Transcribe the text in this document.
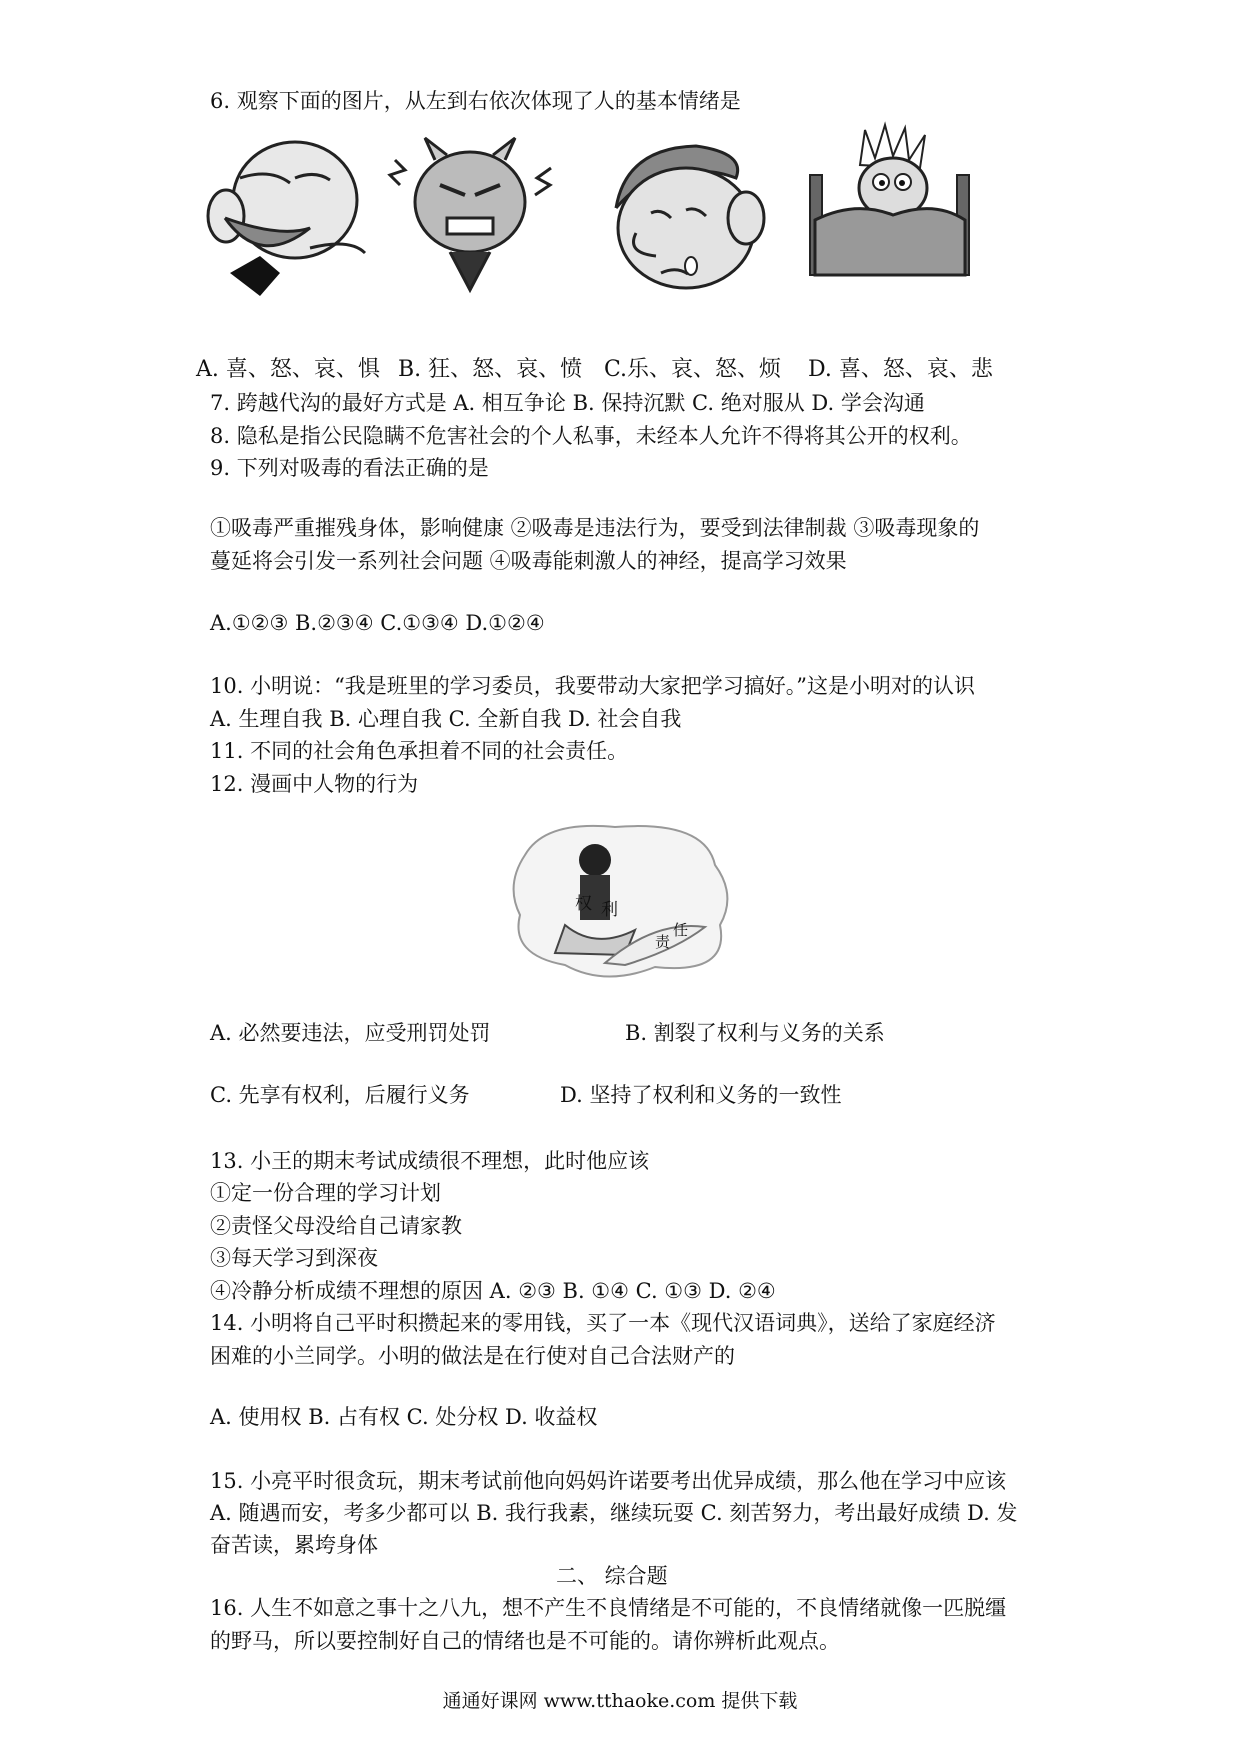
6. 观察下面的图片，从左到右依次体现了人的基本情绪是
A. 喜、怒、哀、惧 B. 狂、怒、哀、愤 C.乐、哀、怒、烦 D. 喜、怒、哀、悲
7. 跨越代沟的最好方式是 A. 相互争论 B. 保持沉默 C. 绝对服从 D. 学会沟通
8. 隐私是指公民隐瞒不危害社会的个人私事，未经本人允许不得将其公开的权利。
9. 下列对吸毒的看法正确的是
①吸毒严重摧残身体，影响健康 ②吸毒是违法行为，要受到法律制裁 ③吸毒现象的
蔓延将会引发一系列社会问题 ④吸毒能刺激人的神经，提高学习效果
A.①②③ B.②③④ C.①③④ D.①②④
10. 小明说：“我是班里的学习委员，我要带动大家把学习搞好。”这是小明对的认识
A. 生理自我 B. 心理自我 C. 全新自我 D. 社会自我
11. 不同的社会角色承担着不同的社会责任。
12. 漫画中人物的行为
权 利
责
任
A. 必然要违法，应受刑罚处罚	B. 割裂了权利与义务的关系
C. 先享有权利，后履行义务	D. 坚持了权利和义务的一致性
13. 小王的期末考试成绩很不理想，此时他应该
①定一份合理的学习计划
②责怪父母没给自己请家教
③每天学习到深夜
④冷静分析成绩不理想的原因 A. ②③ B. ①④ C. ①③ D. ②④
14. 小明将自己平时积攒起来的零用钱，买了一本《现代汉语词典》，送给了家庭经济
困难的小兰同学。小明的做法是在行使对自己合法财产的
A. 使用权 B. 占有权 C. 处分权 D. 收益权
15. 小亮平时很贪玩，期末考试前他向妈妈许诺要考出优异成绩，那么他在学习中应该
A. 随遇而安，考多少都可以 B. 我行我素，继续玩耍 C. 刻苦努力，考出最好成绩 D. 发
奋苦读，累垮身体
二、 综合题
16. 人生不如意之事十之八九，想不产生不良情绪是不可能的，不良情绪就像一匹脱缰
的野马，所以要控制好自己的情绪也是不可能的。请你辨析此观点。
通通好课网 www.tthaoke.com 提供下载
